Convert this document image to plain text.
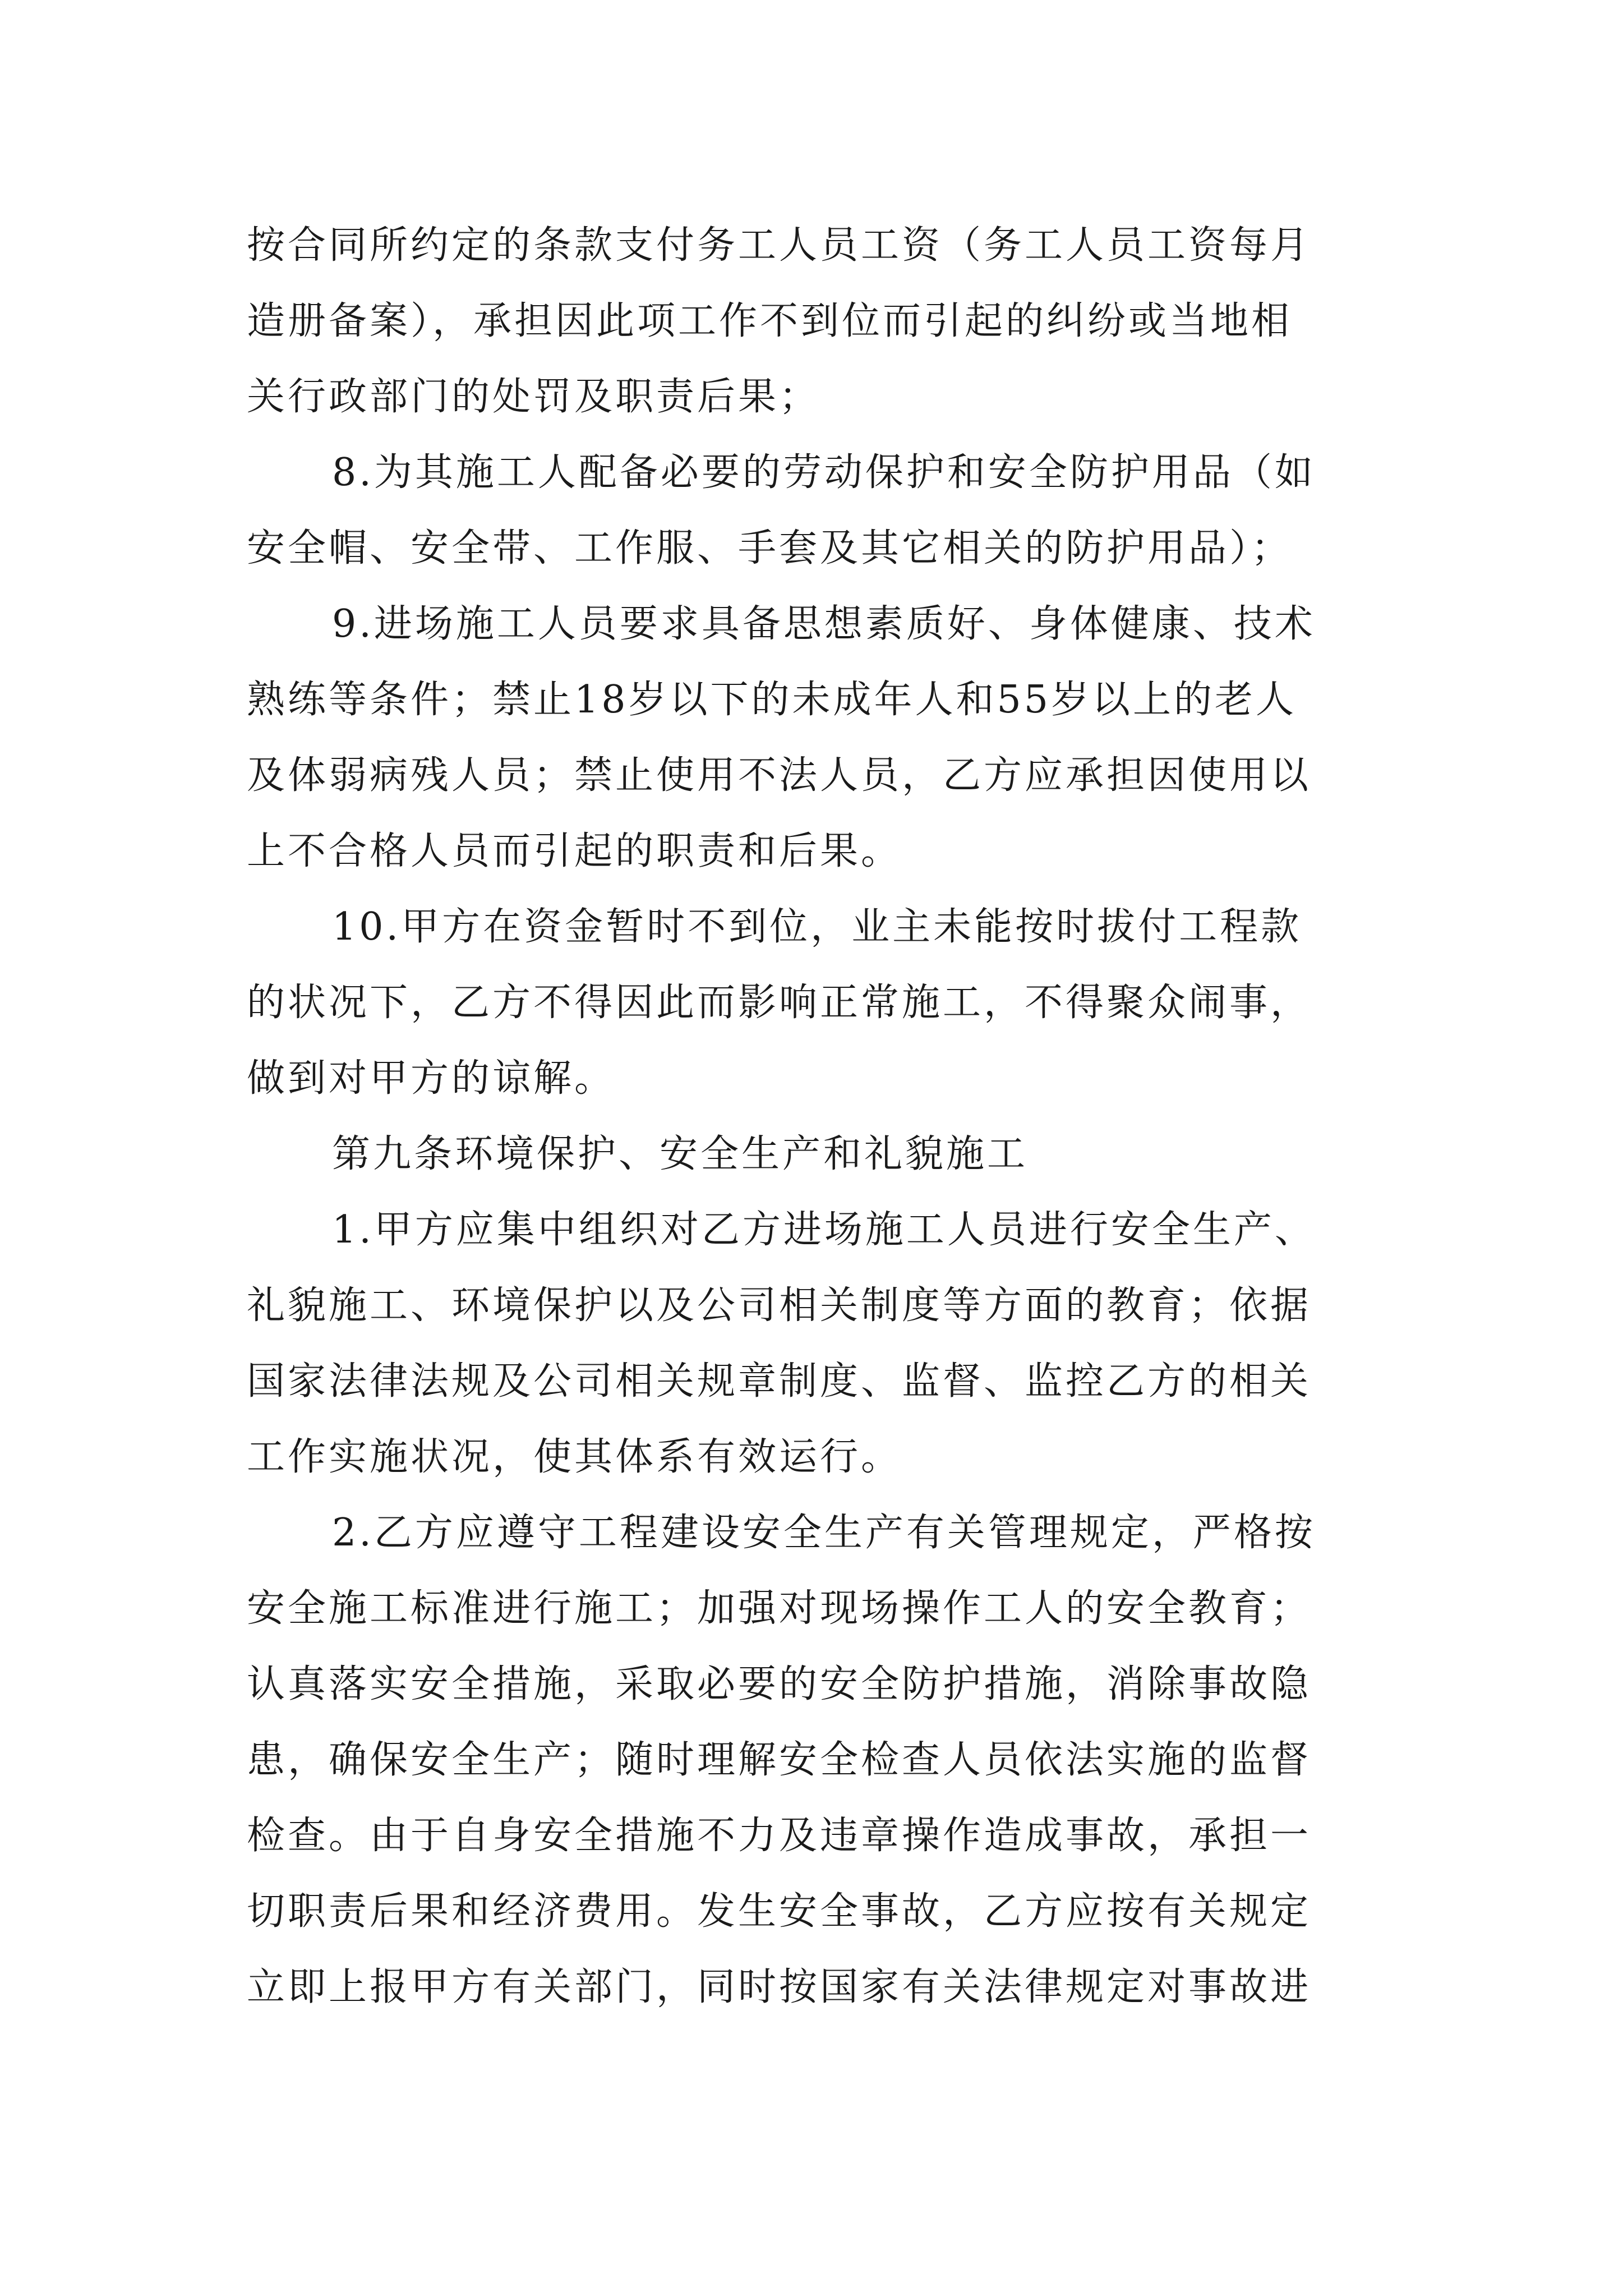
按合同所约定的条款支付务工人员工资（务工人员工资每月
造册备案），承担因此项工作不到位而引起的纠纷或当地相
关行政部门的处罚及职责后果；
8.为其施工人配备必要的劳动保护和安全防护用品（如
安全帽、安全带、工作服、手套及其它相关的防护用品）；
9.进场施工人员要求具备思想素质好、身体健康、技术
熟练等条件；禁止18岁以下的未成年人和55岁以上的老人
及体弱病残人员；禁止使用不法人员，乙方应承担因使用以
上不合格人员而引起的职责和后果。
10.甲方在资金暂时不到位，业主未能按时拔付工程款
的状况下，乙方不得因此而影响正常施工，不得聚众闹事，
做到对甲方的谅解。
第九条环境保护、安全生产和礼貌施工
1.甲方应集中组织对乙方进场施工人员进行安全生产、
礼貌施工、环境保护以及公司相关制度等方面的教育；依据
国家法律法规及公司相关规章制度、监督、监控乙方的相关
工作实施状况，使其体系有效运行。
2.乙方应遵守工程建设安全生产有关管理规定，严格按
安全施工标准进行施工；加强对现场操作工人的安全教育；
认真落实安全措施，采取必要的安全防护措施，消除事故隐
患，确保安全生产；随时理解安全检查人员依法实施的监督
检查。由于自身安全措施不力及违章操作造成事故，承担一
切职责后果和经济费用。发生安全事故，乙方应按有关规定
立即上报甲方有关部门，同时按国家有关法律规定对事故进
